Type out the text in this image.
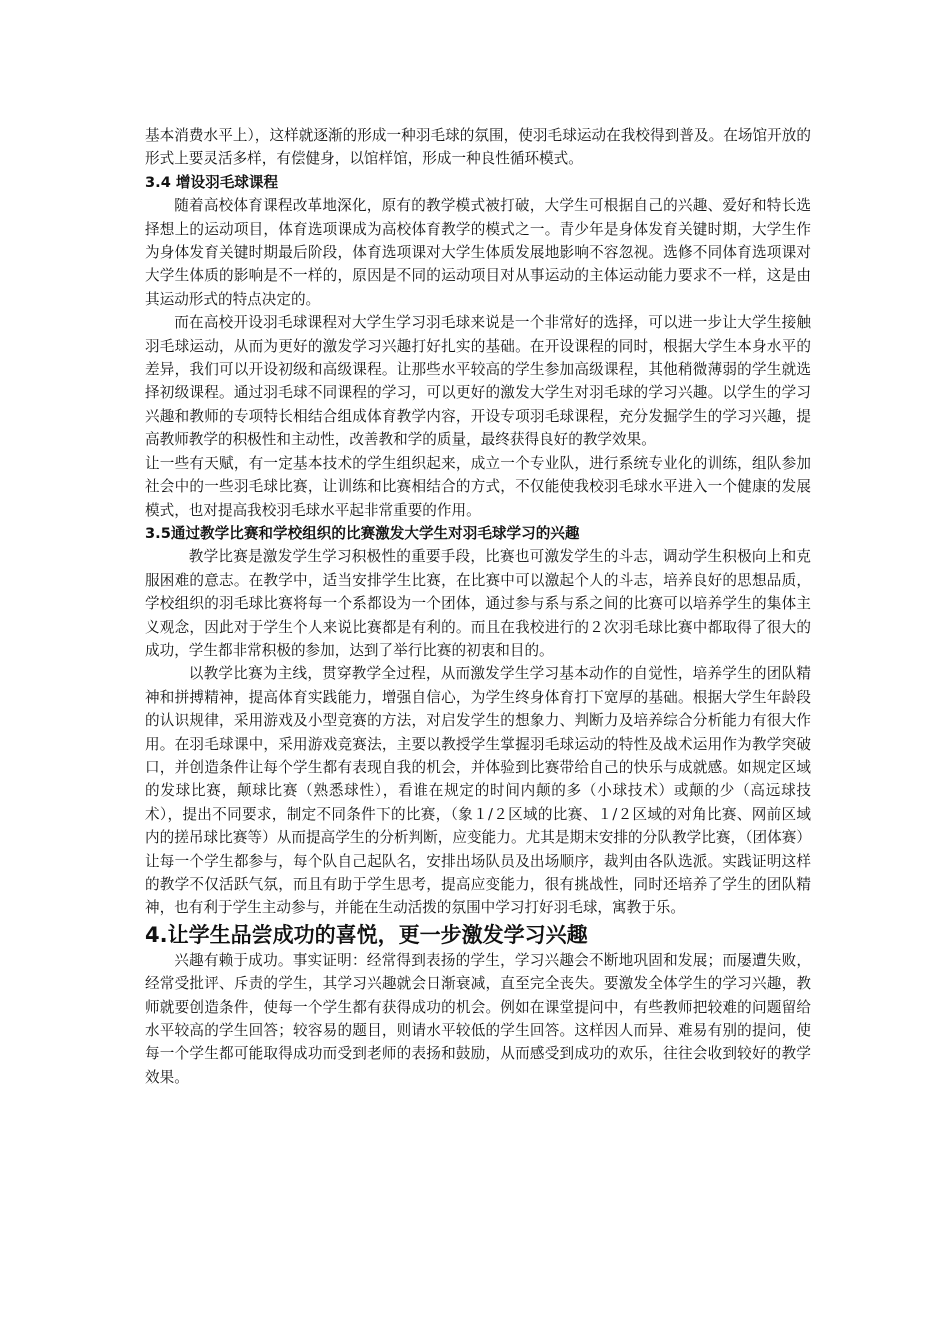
基本消费水平上），这样就逐渐的形成一种羽毛球的氛围，使羽毛球运动在我校得到普及。在场馆开放的形式上要灵活多样，有偿健身，以馆样馆，形成一种良性循环模式。

3.4 增设羽毛球课程

随着高校体育课程改革地深化，原有的教学模式被打破，大学生可根据自己的兴趣、爱好和特长选择想上的运动项目，体育选项课成为高校体育教学的模式之一。青少年是身体发育关键时期，大学生作为身体发育关键时期最后阶段，体育选项课对大学生体质发展地影响不容忽视。选修不同体育选项课对大学生体质的影响是不一样的，原因是不同的运动项目对从事运动的主体运动能力要求不一样，这是由其运动形式的特点决定的。

而在高校开设羽毛球课程对大学生学习羽毛球来说是一个非常好的选择，可以进一步让大学生接触羽毛球运动，从而为更好的激发学习兴趣打好扎实的基础。在开设课程的同时，根据大学生本身水平的差异，我们可以开设初级和高级课程。让那些水平较高的学生参加高级课程，其他稍微薄弱的学生就选择初级课程。通过羽毛球不同课程的学习，可以更好的激发大学生对羽毛球的学习兴趣。以学生的学习兴趣和教师的专项特长相结合组成体育教学内容，开设专项羽毛球课程，充分发掘学生的学习兴趣，提高教师教学的积极性和主动性，改善教和学的质量，最终获得良好的教学效果。

让一些有天赋，有一定基本技术的学生组织起来，成立一个专业队，进行系统专业化的训练，组队参加社会中的一些羽毛球比赛，让训练和比赛相结合的方式，不仅能使我校羽毛球水平进入一个健康的发展模式，也对提高我校羽毛球水平起非常重要的作用。

3.5通过教学比赛和学校组织的比赛激发大学生对羽毛球学习的兴趣

教学比赛是激发学生学习积极性的重要手段，比赛也可激发学生的斗志，调动学生积极向上和克服困难的意志。在教学中，适当安排学生比赛，在比赛中可以激起个人的斗志，培养良好的思想品质，学校组织的羽毛球比赛将每一个系都设为一个团体，通过参与系与系之间的比赛可以培养学生的集体主义观念，因此对于学生个人来说比赛都是有利的。而且在我校进行的２次羽毛球比赛中都取得了很大的成功，学生都非常积极的参加，达到了举行比赛的初衷和目的。

以教学比赛为主线，贯穿教学全过程，从而激发学生学习基本动作的自觉性，培养学生的团队精神和拼搏精神，提高体育实践能力，增强自信心，为学生终身体育打下宽厚的基础。根据大学生年龄段的认识规律，采用游戏及小型竞赛的方法，对启发学生的想象力、判断力及培养综合分析能力有很大作用。在羽毛球课中，采用游戏竞赛法，主要以教授学生掌握羽毛球运动的特性及战术运用作为教学突破口，并创造条件让每个学生都有表现自我的机会，并体验到比赛带给自己的快乐与成就感。如规定区域的发球比赛，颠球比赛（熟悉球性），看谁在规定的时间内颠的多（小球技术）或颠的少（高远球技术），提出不同要求，制定不同条件下的比赛，（象１/２区域的比赛、１/２区域的对角比赛、网前区域内的搓吊球比赛等）从而提高学生的分析判断，应变能力。尤其是期末安排的分队教学比赛，（团体赛）让每一个学生都参与，每个队自己起队名，安排出场队员及出场顺序，裁判由各队选派。实践证明这样的教学不仅活跃气氛，而且有助于学生思考，提高应变能力，很有挑战性，同时还培养了学生的团队精神，也有利于学生主动参与，并能在生动活拨的氛围中学习打好羽毛球，寓教于乐。

4.让学生品尝成功的喜悦，更一步激发学习兴趣

兴趣有赖于成功。事实证明：经常得到表扬的学生，学习兴趣会不断地巩固和发展；而屡遭失败，经常受批评、斥责的学生，其学习兴趣就会日渐衰减，直至完全丧失。要激发全体学生的学习兴趣，教师就要创造条件，使每一个学生都有获得成功的机会。例如在课堂提问中，有些教师把较难的问题留给水平较高的学生回答；较容易的题目，则请水平较低的学生回答。这样因人而异、难易有别的提问，使每一个学生都可能取得成功而受到老师的表扬和鼓励，从而感受到成功的欢乐，往往会收到较好的教学效果。
